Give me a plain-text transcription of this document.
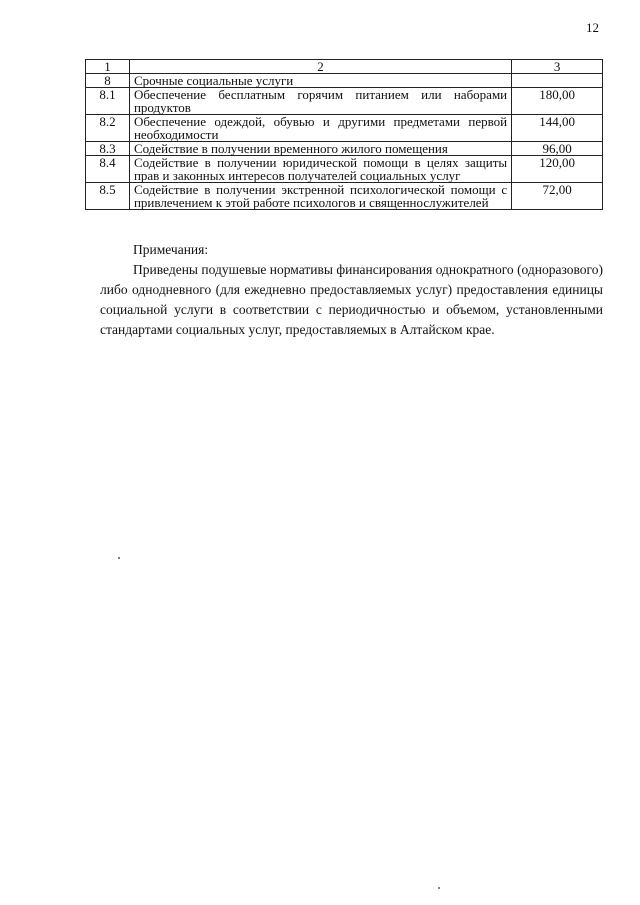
12
1	2	3
8	Срочные социальные услуги	
8.1	Обеспечение бесплатным горячим питанием или наборами продуктов	180,00
8.2	Обеспечение одеждой, обувью и другими предметами первой необходимости	144,00
8.3	Содействие в получении временного жилого помещения	96,00
8.4	Содействие в получении юридической помощи в целях защиты прав и законных интересов получателей социальных услуг	120,00
8.5	Содействие в получении экстренной психологической помощи с привлечением к этой работе психологов и священнослужителей	72,00
Примечания:
Приведены подушевые нормативы финансирования однократного (одноразового) либо однодневного (для ежедневно предоставляемых услуг) предоставления единицы социальной услуги в соответствии с периодичностью и объемом, установленными стандартами социальных услуг, предоставляемых в Алтайском крае.
